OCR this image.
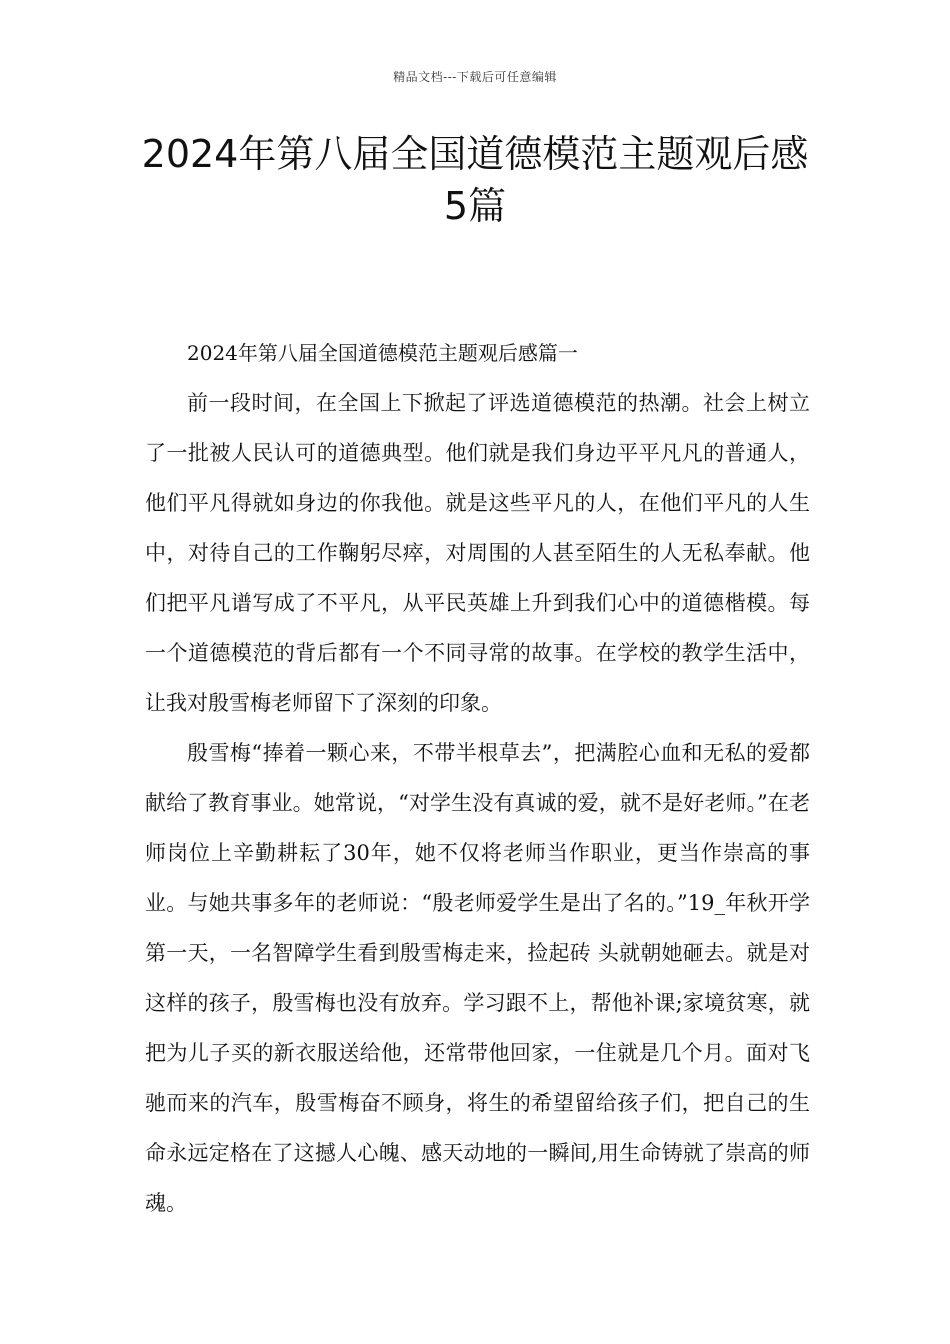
精品文档---下载后可任意编辑
2024年第八届全国道德模范主题观后感
5篇

2024年第八届全国道德模范主题观后感篇一

前一段时间，在全国上下掀起了评选道德模范的热潮。社会上树立了一批被人民认可的道德典型。他们就是我们身边平平凡凡的普通人，他们平凡得就如身边的你我他。就是这些平凡的人，在他们平凡的人生中，对待自己的工作鞠躬尽瘁，对周围的人甚至陌生的人无私奉献。他们把平凡谱写成了不平凡，从平民英雄上升到我们心中的道德楷模。每一个道德模范的背后都有一个不同寻常的故事。在学校的教学生活中，让我对殷雪梅老师留下了深刻的印象。

殷雪梅“捧着一颗心来，不带半根草去”，把满腔心血和无私的爱都献给了教育事业。她常说，“对学生没有真诚的爱，就不是好老师。”在老师岗位上辛勤耕耘了30年，她不仅将老师当作职业，更当作崇高的事业。与她共事多年的老师说：“殷老师爱学生是出了名的。”19_年秋开学第一天，一名智障学生看到殷雪梅走来，捡起砖 头就朝她砸去。就是对这样的孩子，殷雪梅也没有放弃。学习跟不上，帮他补课;家境贫寒，就把为儿子买的新衣服送给他，还常带他回家，一住就是几个月。面对飞驰而来的汽车，殷雪梅奋不顾身，将生的希望留给孩子们，把自己的生命永远定格在了这撼人心魄、感天动地的一瞬间,用生命铸就了崇高的师魂。
